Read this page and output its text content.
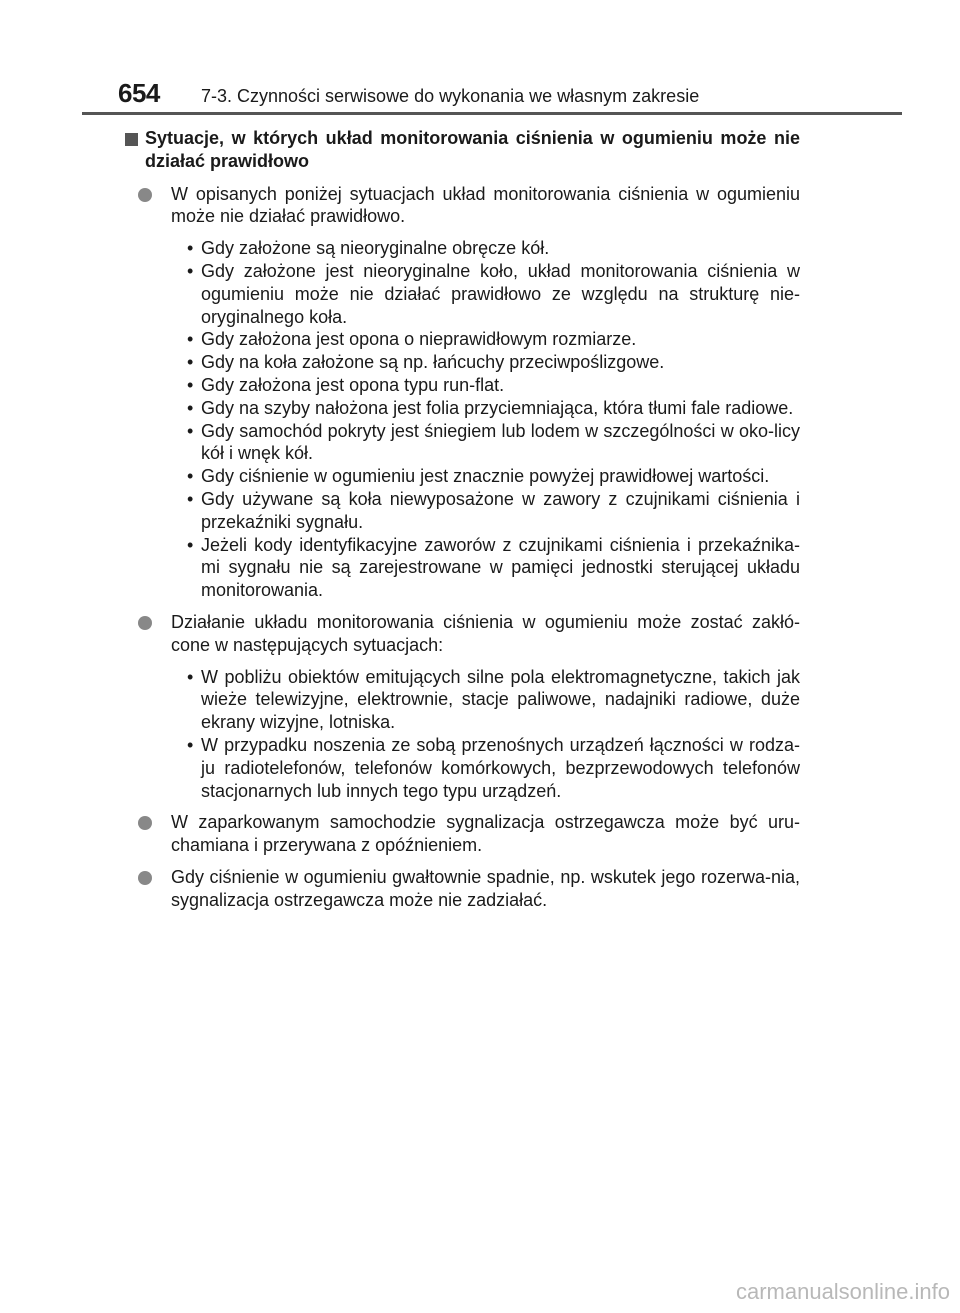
654 7-3. Czynności serwisowe do wykonania we własnym zakresie
Sytuacje, w których układ monitorowania ciśnienia w ogumieniu może nie działać prawidłowo
W opisanych poniżej sytuacjach układ monitorowania ciśnienia w ogumieniu może nie działać prawidłowo.
• Gdy założone są nieoryginalne obręcze kół.
• Gdy założone jest nieoryginalne koło, układ monitorowania ciśnienia w ogumieniu może nie działać prawidłowo ze względu na strukturę nie-oryginalnego koła.
• Gdy założona jest opona o nieprawidłowym rozmiarze.
• Gdy na koła założone są np. łańcuchy przeciwpoślizgowe.
• Gdy założona jest opona typu run-flat.
• Gdy na szyby nałożona jest folia przyciemniająca, która tłumi fale radiowe.
• Gdy samochód pokryty jest śniegiem lub lodem w szczególności w oko-licy kół i wnęk kół.
• Gdy ciśnienie w ogumieniu jest znacznie powyżej prawidłowej wartości.
• Gdy używane są koła niewyposażone w zawory z czujnikami ciśnienia i przekaźniki sygnału.
• Jeżeli kody identyfikacyjne zaworów z czujnikami ciśnienia i przekaźnika-mi sygnału nie są zarejestrowane w pamięci jednostki sterującej układu monitorowania.
Działanie układu monitorowania ciśnienia w ogumieniu może zostać zakłó-cone w następujących sytuacjach:
• W pobliżu obiektów emitujących silne pola elektromagnetyczne, takich jak wieże telewizyjne, elektrownie, stacje paliwowe, nadajniki radiowe, duże ekrany wizyjne, lotniska.
• W przypadku noszenia ze sobą przenośnych urządzeń łączności w rodza-ju radiotelefonów, telefonów komórkowych, bezprzewodowych telefonów stacjonarnych lub innych tego typu urządzeń.
W zaparkowanym samochodzie sygnalizacja ostrzegawcza może być uru-chamiana i przerywana z opóźnieniem.
Gdy ciśnienie w ogumieniu gwałtownie spadnie, np. wskutek jego rozerwa-nia, sygnalizacja ostrzegawcza może nie zadziałać.
carmanualsonline.info
